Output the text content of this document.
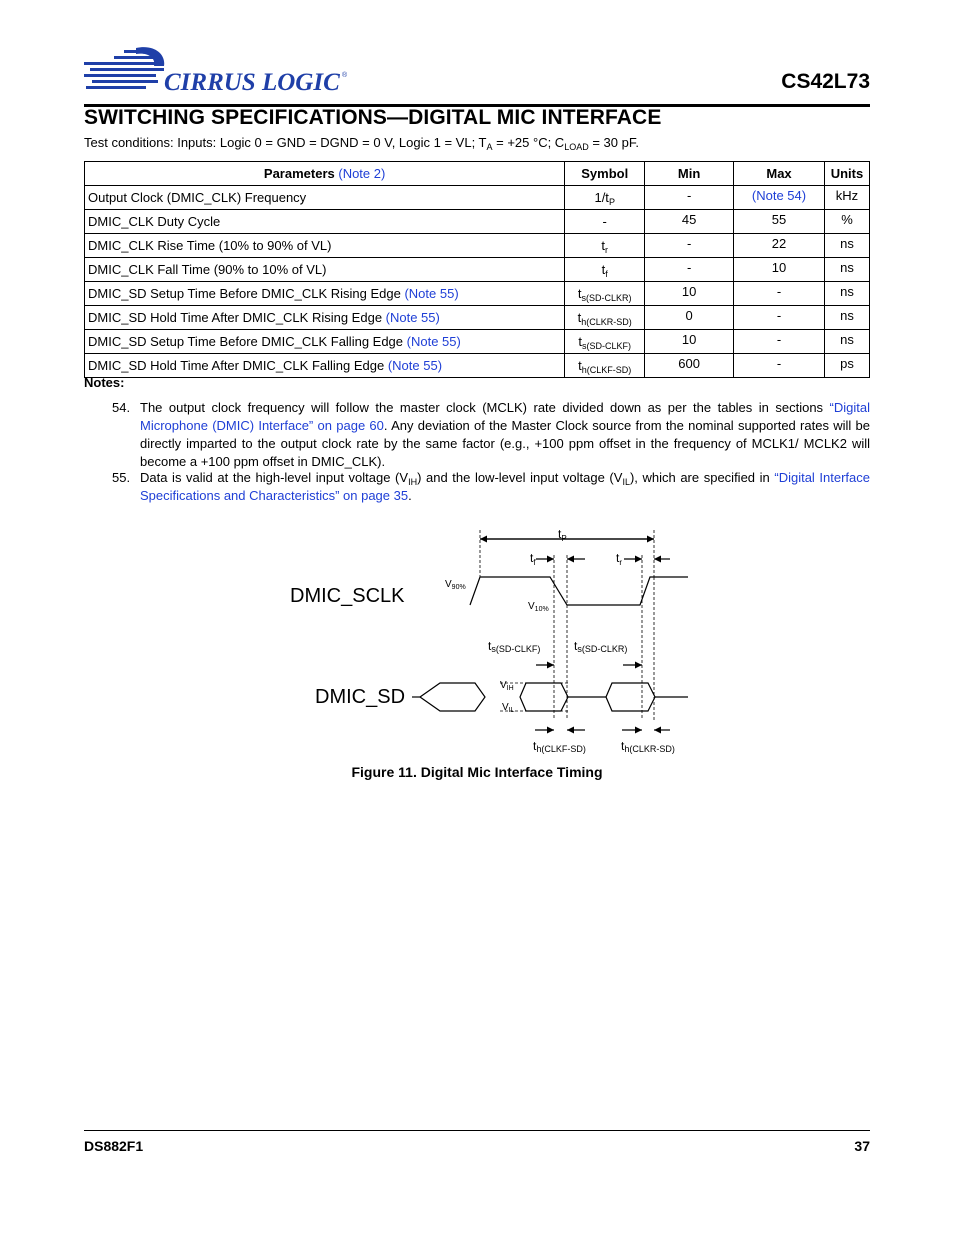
CIRRUS LOGIC ®	CS42L73
SWITCHING SPECIFICATIONS—DIGITAL MIC INTERFACE
Test conditions: Inputs: Logic 0 = GND = DGND = 0 V, Logic 1 = VL; $T_A = +25$ °C; $C_{LOAD} = 30$ pF.
Parameters (Note 2)	Symbol	Min	Max	Units
Output Clock (DMIC_CLK) Frequency	$1/t_P$	-	(Note 54)	kHz
DMIC_CLK Duty Cycle	-	45	55	%
DMIC_CLK Rise Time (10% to 90% of VL)	$t_r$	-	22	ns
DMIC_CLK Fall Time (90% to 10% of VL)	$t_f$	-	10	ns
DMIC_SD Setup Time Before DMIC_CLK Rising Edge (Note 55)	$t_{s(SD-CLKR)}$	10	-	ns
DMIC_SD Hold Time After DMIC_CLK Rising Edge (Note 55)	$t_{h(CLKR-SD)}$	0	-	ns
DMIC_SD Setup Time Before DMIC_CLK Falling Edge (Note 55)	$t_{s(SD-CLKF)}$	10	-	ns
DMIC_SD Hold Time After DMIC_CLK Falling Edge (Note 55)	$t_{h(CLKF-SD)}$	600	-	ps
Notes:
54. The output clock frequency will follow the master clock (MCLK) rate divided down as per the tables in sections “Digital Microphone (DMIC) Interface” on page 60. Any deviation of the Master Clock source from the nominal supported rates will be directly imparted to the output clock rate by the same factor (e.g., +100 ppm offset in the frequency of MCLK1/ MCLK2 will become a +100 ppm offset in DMIC_CLK).
55. Data is valid at the high-level input voltage $(V_{IH})$ and the low-level input voltage $(V_{IL})$, which are specified in “Digital Interface Specifications and Characteristics” on page 35.
DMIC_SCLK
DMIC_SD
$t_P$
$t_f$	$t_r$
$V_{90\%}$
$V_{10\%}$
ts(SD-CLKF)	ts(SD-CLKR)
$V_{IH}$
$V_{IL}$
th(CLKF-SD)	th(CLKR-SD)
Figure 11. Digital Mic Interface Timing
DS882F1	37
